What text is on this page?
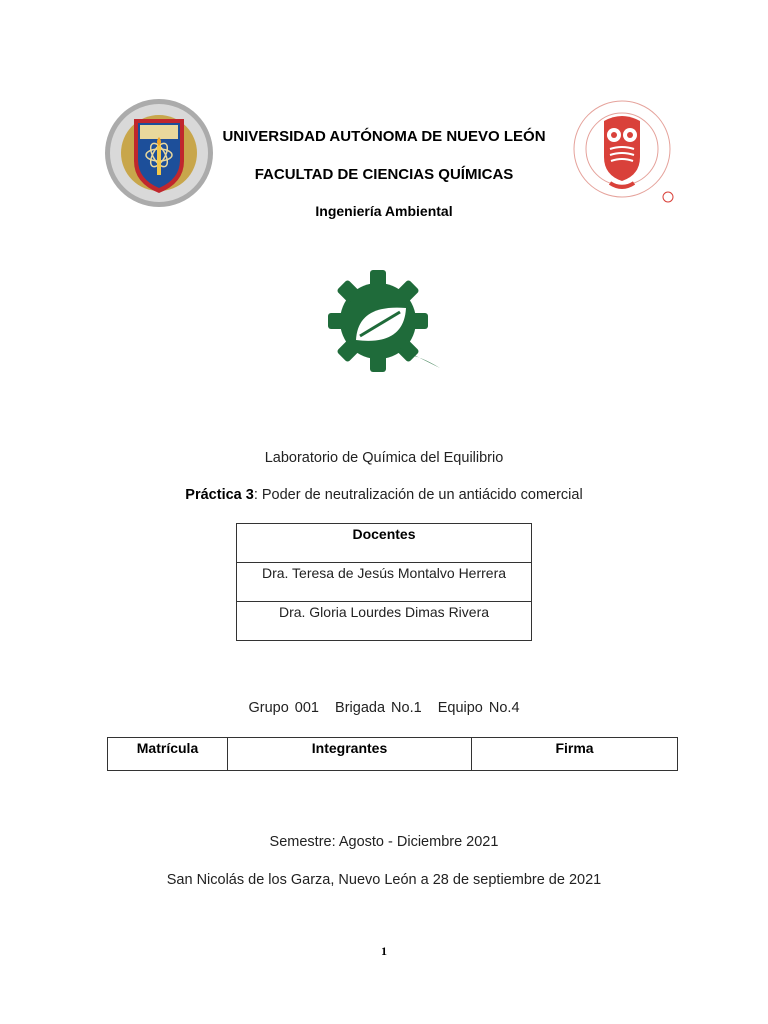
UNIVERSIDAD AUTÓNOMA DE NUEVO LEÓN
FACULTAD DE CIENCIAS QUÍMICAS
Ingeniería Ambiental
Laboratorio de Química del Equilibrio
Práctica 3: Poder de neutralización de un antiácido comercial
Docentes
Dra. Teresa de Jesús Montalvo Herrera
Dra. Gloria Lourdes Dimas Rivera
Grupo 001 Brigada No.1 Equipo No.4
Matrícula	Integrantes	Firma
Semestre: Agosto - Diciembre 2021
San Nicolás de los Garza, Nuevo León a 28 de septiembre de 2021
1
